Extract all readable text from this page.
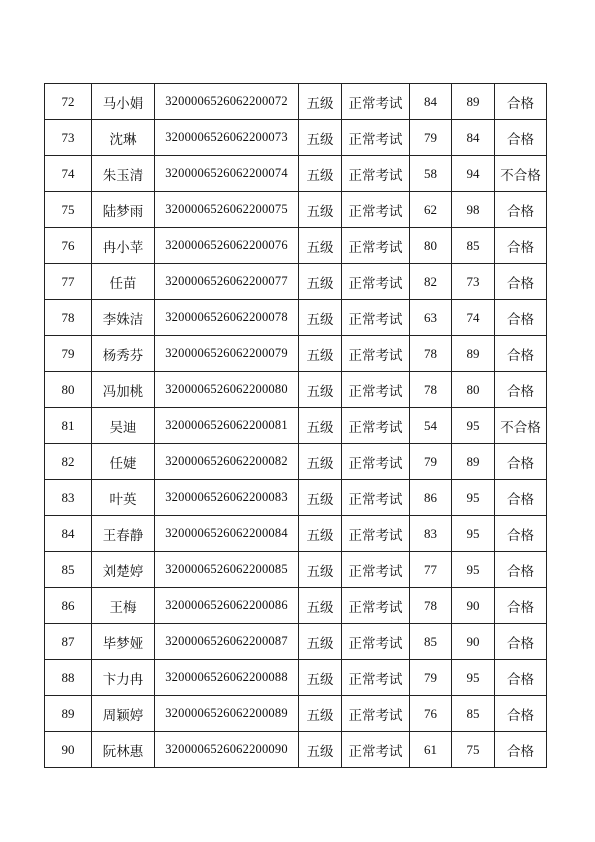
72	马小娟	3200006526062200072	五级	正常考试	84	89	合格
73	沈琳	3200006526062200073	五级	正常考试	79	84	合格
74	朱玉清	3200006526062200074	五级	正常考试	58	94	不合格
75	陆梦雨	3200006526062200075	五级	正常考试	62	98	合格
76	冉小苹	3200006526062200076	五级	正常考试	80	85	合格
77	任苗	3200006526062200077	五级	正常考试	82	73	合格
78	李姝洁	3200006526062200078	五级	正常考试	63	74	合格
79	杨秀芬	3200006526062200079	五级	正常考试	78	89	合格
80	冯加桃	3200006526062200080	五级	正常考试	78	80	合格
81	吴迪	3200006526062200081	五级	正常考试	54	95	不合格
82	任婕	3200006526062200082	五级	正常考试	79	89	合格
83	叶英	3200006526062200083	五级	正常考试	86	95	合格
84	王春静	3200006526062200084	五级	正常考试	83	95	合格
85	刘楚婷	3200006526062200085	五级	正常考试	77	95	合格
86	王梅	3200006526062200086	五级	正常考试	78	90	合格
87	毕梦娅	3200006526062200087	五级	正常考试	85	90	合格
88	卞力冉	3200006526062200088	五级	正常考试	79	95	合格
89	周颖婷	3200006526062200089	五级	正常考试	76	85	合格
90	阮林惠	3200006526062200090	五级	正常考试	61	75	合格
